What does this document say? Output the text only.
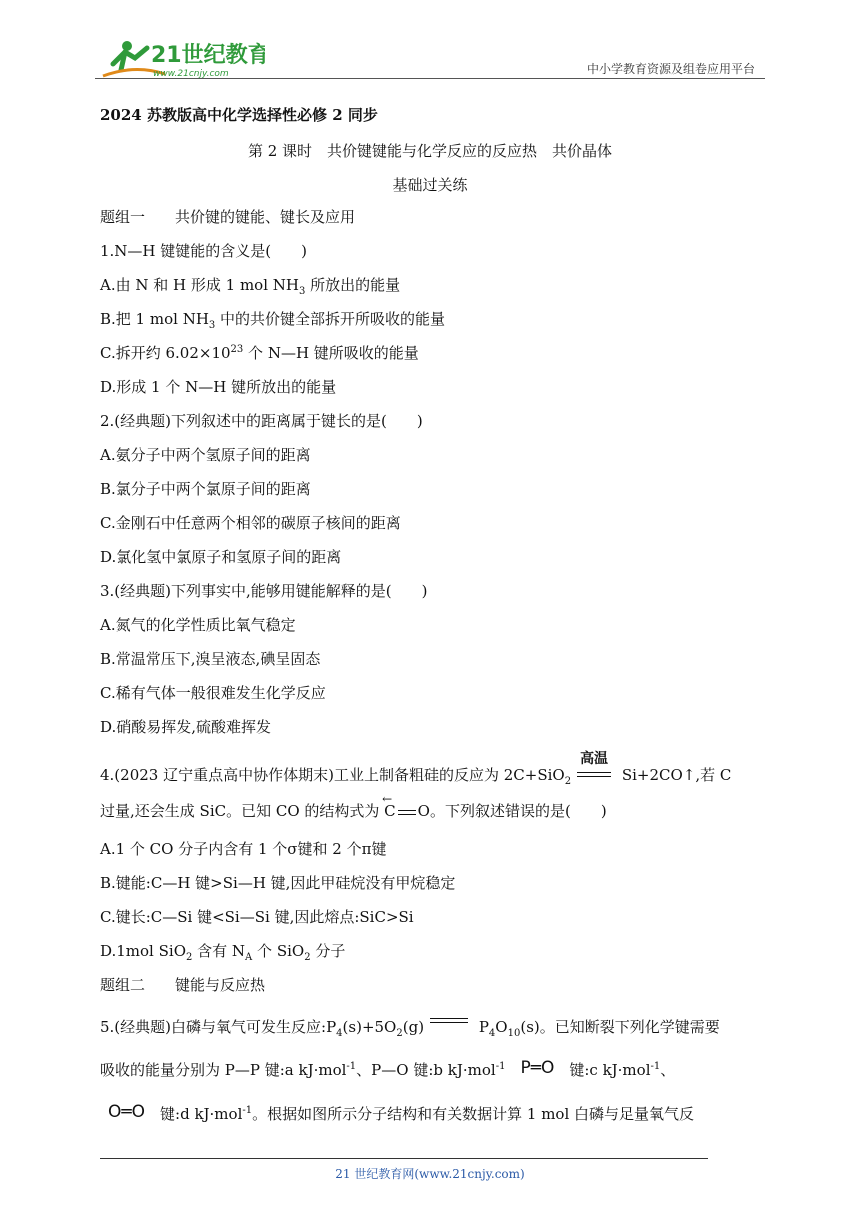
21世纪教育
www.21cnjy.com	中小学教育资源及组卷应用平台
2024 苏教版高中化学选择性必修 2 同步
第 2 课时　共价键键能与化学反应的反应热　共价晶体
基础过关练
题组一　　共价键的键能、键长及应用
1.N—H 键键能的含义是(　　)
A.由 N 和 H 形成 1 mol $NH_3$ 所放出的能量
B.把 1 mol $NH_3$ 中的共价键全部拆开所吸收的能量
C.拆开约 $6.02\times 10^{23}$ 个 N—H 键所吸收的能量
D.形成 1 个 N—H 键所放出的能量
2.(经典题)下列叙述中的距离属于键长的是(　　)
A.氨分子中两个氢原子间的距离
B.氯分子中两个氯原子间的距离
C.金刚石中任意两个相邻的碳原子核间的距离
D.氯化氢中氯原子和氢原子间的距离
3.(经典题)下列事实中,能够用键能解释的是(　　)
A.氮气的化学性质比氧气稳定
B.常温常压下,溴呈液态,碘呈固态
C.稀有气体一般很难发生化学反应
D.硝酸易挥发,硫酸难挥发
4.(2023 辽宁重点高中协作体期末)工业上制备粗硅的反应为 2C+SiO$_2$
高温
Si+2CO↑,若 C
过量,还会生成 SiC。已知 CO 的结构式为 C
←
O。下列叙述错误的是(　　)
A.1 个 CO 分子内含有 1 个σ键和 2 个π键
B.键能:C—H 键>Si—H 键,因此甲硅烷没有甲烷稳定
C.键长:C—Si 键<Si—Si 键,因此熔点:SiC>Si
D.1mol SiO$_2$ 含有 $N_A$ 个 SiO$_2$ 分子
题组二　　键能与反应热
5.(经典题)白磷与氧气可发生反应$:P_4(s)+5O_2(g)$	$P_4O_{10}(s)$。已知断裂下列化学键需要
吸收的能量分别为 P—P 键:a kJ·mol$^{-1}$、P—O 键:b kJ·mol$^{-1}$　 P═O　 键:c kJ·mol$^{-1}$、
O═O　 键:d kJ·mol$^{-1}$。根据如图所示分子结构和有关数据计算 1 mol 白磷与足量氧气反
21 世纪教育网(www.21cnjy.com)
